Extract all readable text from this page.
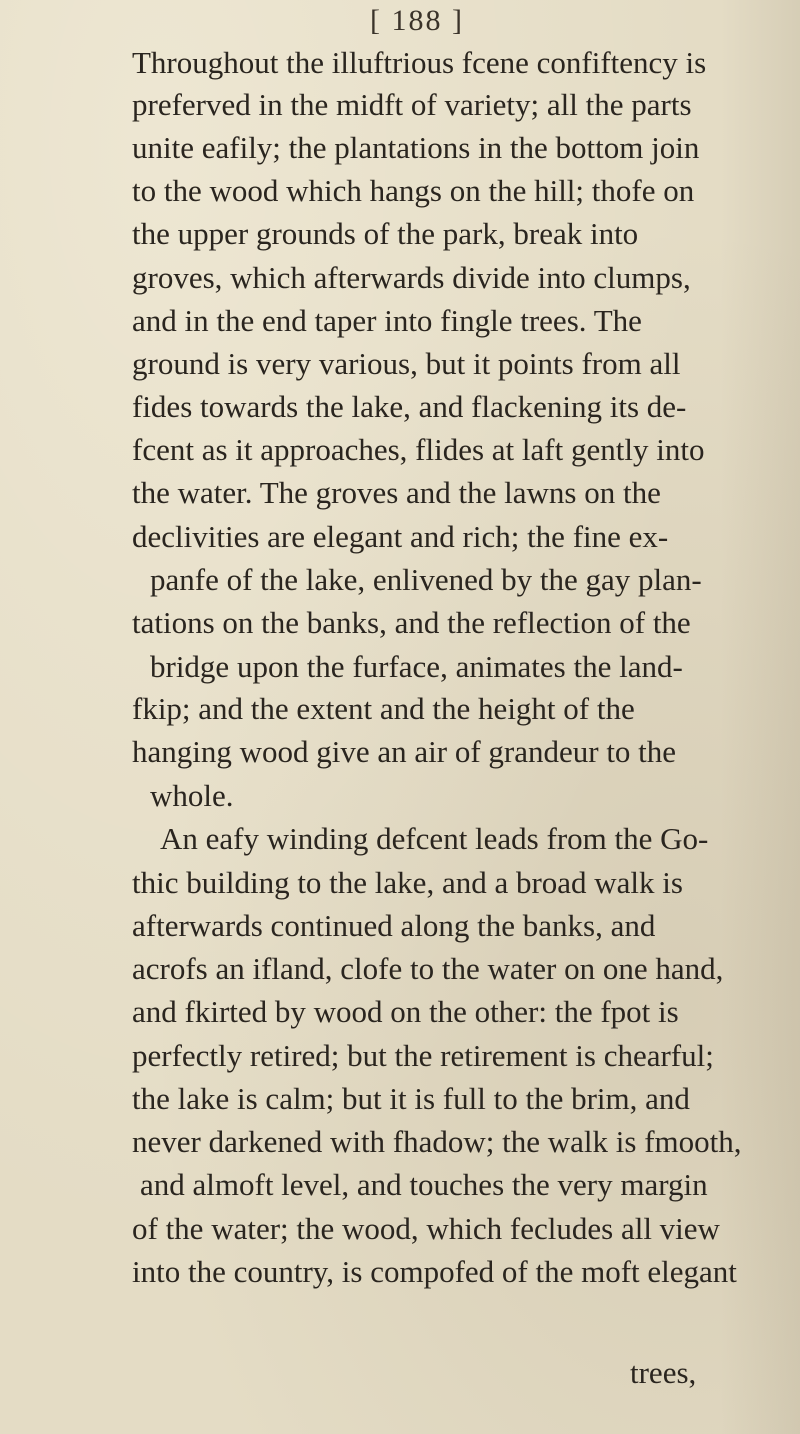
[ 188 ]
Throughout the illuftrious fcene confiftency is
preferved in the midft of variety; all the parts
unite eafily; the plantations in the bottom join
to the wood which hangs on the hill; thofe on
the upper grounds of the park, break into
groves, which afterwards divide into clumps,
and in the end taper into fingle trees. The
ground is very various, but it points from all
fides towards the lake, and flackening its de-
fcent as it approaches, flides at laft gently into
the water. The groves and the lawns on the
declivities are elegant and rich; the fine ex-
panfe of the lake, enlivened by the gay plan-
tations on the banks, and the reflection of the
bridge upon the furface, animates the land-
fkip; and the extent and the height of the
hanging wood give an air of grandeur to the
whole.
An eafy winding defcent leads from the Go-
thic building to the lake, and a broad walk is
afterwards continued along the banks, and
acrofs an ifland, clofe to the water on one hand,
and fkirted by wood on the other: the fpot is
perfectly retired; but the retirement is chearful;
the lake is calm; but it is full to the brim, and
never darkened with fhadow; the walk is fmooth,
and almoft level, and touches the very margin
of the water; the wood, which fecludes all view
into the country, is compofed of the moft elegant
trees,
